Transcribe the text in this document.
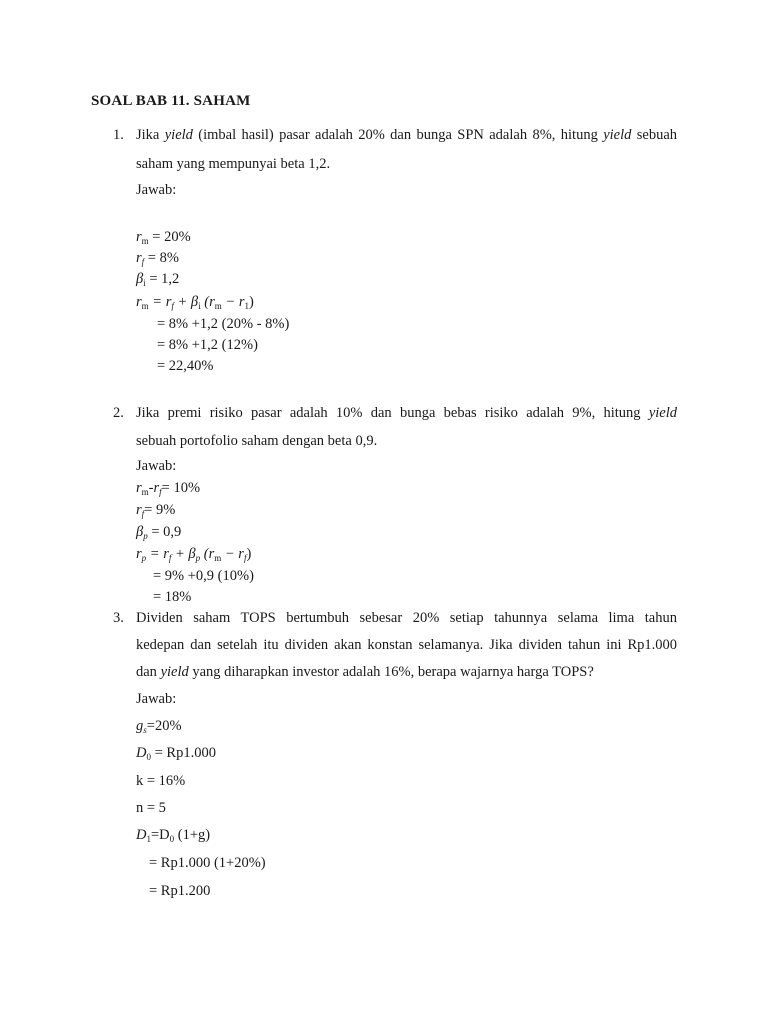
SOAL BAB 11. SAHAM
1. Jika yield (imbal hasil) pasar adalah 20% dan bunga SPN adalah 8%, hitung yield sebuah
saham yang mempunyai beta 1,2.
Jawab:
$r_m = 20\%$
$r_f = 8\%$
$\beta_i = 1,2$
$r_m = r_f + \beta_i$ $(r_m - r_1)$
= 8% +1,2 (20% - 8%)
= 8% +1,2 (12%)
= 22,40%
2. Jika premi risiko pasar adalah 10% dan bunga bebas risiko adalah 9%, hitung yield
sebuah portofolio saham dengan beta 0,9.
Jawab:
$r_m-r_f= 10\%$
$r_f= 9\%$
$\beta_p = 0,9$
$r_p = r_f + \beta_p$ $(r_m - r_f)$
= 9% +0,9 (10%)
= 18%
3. Dividen saham TOPS bertumbuh sebesar 20% setiap tahunnya selama lima tahun
kedepan dan setelah itu dividen akan konstan selamanya. Jika dividen tahun ini Rp1.000
dan yield yang diharapkan investor adalah 16%, berapa wajarnya harga TOPS?
Jawab:
$g_s=20\%$
$D_0 = Rp1.000$
k = 16%
n = 5
$D_1=D_0$ (1+g)
= Rp1.000 (1+20%)
= Rp1.200
